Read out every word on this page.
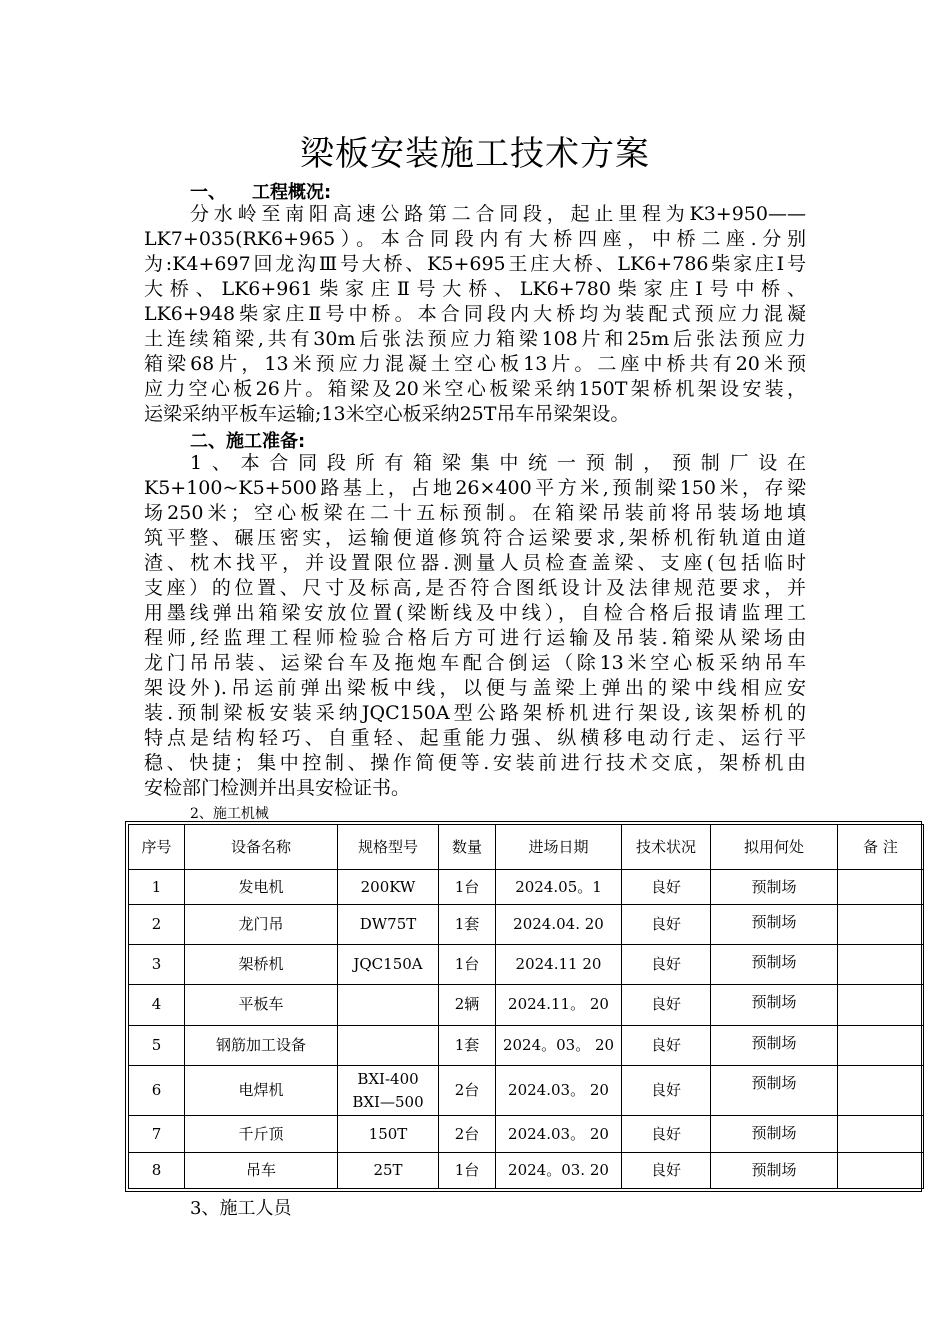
梁板安装施工技术方案
一、 工程概况:
分水岭至南阳高速公路第二合同段，起止里程为K3+950——
LK7+035(RK6+965）。本合同段内有大桥四座，中桥二座.分别
为:K4+697回龙沟Ⅲ号大桥、K5+695王庄大桥、LK6+786柴家庄Ⅰ号
大桥、LK6+961柴家庄Ⅱ号大桥、LK6+780柴家庄Ⅰ号中桥、
LK6+948柴家庄Ⅱ号中桥。本合同段内大桥均为装配式预应力混凝
土连续箱梁,共有30m后张法预应力箱梁108片和25m后张法预应力
箱梁68片，13米预应力混凝土空心板13片。二座中桥共有20米预
应力空心板26片。箱梁及20米空心板梁采纳150T架桥机架设安装，
运梁采纳平板车运输;13米空心板采纳25T吊车吊梁架设。
二、施工准备:
1、本合同段所有箱梁集中统一预制，预制厂设在
K5+100~K5+500路基上，占地26×400平方米,预制梁150米，存梁
场250米；空心板梁在二十五标预制。在箱梁吊装前将吊装场地填
筑平整、碾压密实，运输便道修筑符合运梁要求,架桥机衔轨道由道
渣、枕木找平，并设置限位器.测量人员检查盖梁、支座(包括临时
支座）的位置、尺寸及标高,是否符合图纸设计及法律规范要求，并
用墨线弹出箱梁安放位置(梁断线及中线），自检合格后报请监理工
程师,经监理工程师检验合格后方可进行运输及吊装.箱梁从梁场由
龙门吊吊装、运梁台车及拖炮车配合倒运（除13米空心板采纳吊车
架设外).吊运前弹出梁板中线，以便与盖梁上弹出的梁中线相应安
装.预制梁板安装采纳JQC150A型公路架桥机进行架设,该架桥机的
特点是结构轻巧、自重轻、起重能力强、纵横移电动行走、运行平
稳、快捷；集中控制、操作简便等.安装前进行技术交底，架桥机由
安检部门检测并出具安检证书。
2、施工机械
序号	设备名称	规格型号	数量	进场日期	技术状况	拟用何处	备 注
1	发电机	200KW	1台	2024.05。1	良好	预制场	
2	龙门吊	DW75T	1套	2024.04. 20	良好	预制场	
3	架桥机	JQC150A	1台	2024.11 20	良好	预制场	
4	平板车		2辆	2024.11。 20	良好	预制场	
5	钢筋加工设备		1套	2024。03。 20	良好	预制场	
6	电焊机	BXI-400
BXI—500	2台	2024.03。 20	良好	预制场	
7	千斤顶	150T	2台	2024.03。 20	良好	预制场	
8	吊车	25T	1台	2024。03. 20	良好	预制场	
3、施工人员
